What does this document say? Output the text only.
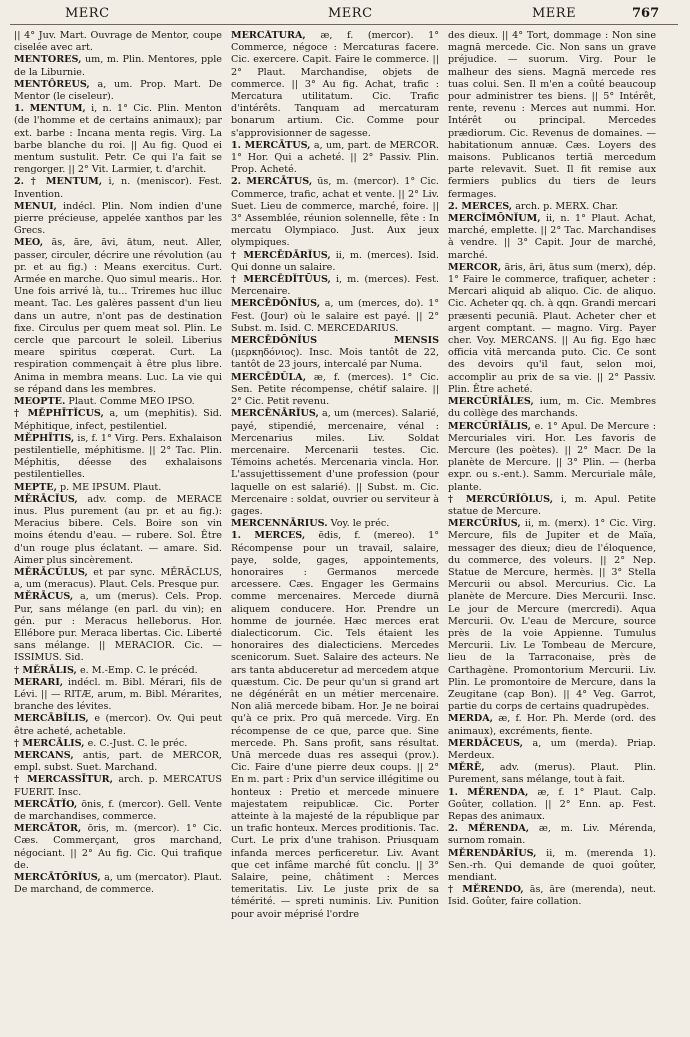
MERC	MERC	MERE	767

|| 4° Juv. Mart. Ouvrage de Mentor, coupe ciselée avec art.

MENTORES, um, m. Plin. Mentores, pple de la Liburnie.

MENTÔREUS, a, um. Prop. Mart. De Mentor (le ciseleur).

1. MENTUM, i, n. 1° Cic. Plin. Menton (de l'homme et de certains animaux); par ext. barbe : Incana menta regis. Virg. La barbe blanche du roi. || Au fig. Quod ei mentum sustulit. Petr. Ce qui l'a fait se rengorger. || 2° Vit. Larmier, t. d'archit.

2. † MENTUM, i, n. (meniscor). Fest. Invention.

MENUI, indécl. Plin. Nom indien d'une pierre précieuse, appelée xanthos par les Grecs.

MEO, ās, āre, āvi, ātum, neut. Aller, passer, circuler, décrire une révolution (au pr. et au fig.) : Means exercitus. Curt. Armée en marche. Quo simul mearis.. Hor. Une fois arrivé là, tu... Triremes huc illuc meant. Tac. Les galères passent d'un lieu dans un autre, n'ont pas de destination fixe. Circulus per quem meat sol. Plin. Le cercle que parcourt le soleil. Liberius meare spiritus cœperat. Curt. La respiration commençait à être plus libre. Anima in membra means. Luc. La vie qui se répand dans les membres.

MEOPTE. Plaut. Comme MEO IPSO.

† MĚPHĪTĬCUS, a, um (mephitis). Sid. Méphitique, infect, pestilentiel.

MĚPHĪTIS, is, f. 1° Virg. Pers. Exhalaison pestilentielle, méphitisme. || 2° Tac. Plin. Méphitis, déesse des exhalaisons pestilentielles.

MEPTE, p. ME IPSUM. Plaut.

MĚRĀCĬUS, adv. comp. de MERACE inus. Plus purement (au pr. et au fig.): Meracius bibere. Cels. Boire son vin moins étendu d'eau. — rubere. Sol. Être d'un rouge plus éclatant. — amare. Sid. Aimer plus sincèrement.

MĚRĀCŬLUS, et par sync. MĚRĀCLUS, a, um (meracus). Plaut. Cels. Presque pur.

MĚRĀCUS, a, um (merus). Cels. Prop. Pur, sans mélange (en parl. du vin); en gén. pur : Meracus helleborus. Hor. Ellébore pur. Meraca libertas. Cic. Liberté sans mélange. || MERACIOR. Cic. — ISSIMUS. Sid.

† MĚRĀLIS, e. M.-Emp. C. le précéd.

MERARI, indécl. m. Bibl. Mérari, fils de Lévi. || — RITÆ, arum, m. Bibl. Mérarites, branche des lévites.

MERCĀBĬLIS, e (mercor). Ov. Qui peut être acheté, achetable.

† MERCĀLIS, e. C.-Just. C. le préc.

MERCANS, antis, part. de MERCOR, empl. subst. Suet. Marchand.

† MERCASSĪTUR, arch. p. MERCATUS FUERIT. Insc.

MERCĀTĬO, ōnis, f. (mercor). Gell. Vente de marchandises, commerce.

MERCĀTOR, ōris, m. (mercor). 1° Cic. Cæs. Commerçant, gros marchand, négociant. || 2° Au fig. Cic. Qui trafique de.

MERCĀTŌRĬUS, a, um (mercator). Plaut. De marchand, de commerce.

MERCĀTŪRA, æ, f. (mercor). 1° Commerce, négoce : Mercaturas facere. Cic. exercere. Capit. Faire le commerce. || 2° Plaut. Marchandise, objets de commerce. || 3° Au fig. Achat, trafic : Mercatura utilitatum. Cic. Trafic d'intérêts. Tanquam ad mercaturam bonarum artium. Cic. Comme pour s'approvisionner de sagesse.

1. MERCĀTUS, a, um, part. de MERCOR. 1° Hor. Qui a acheté. || 2° Passiv. Plin. Prop. Acheté.

2. MERCĀTUS, ūs, m. (mercor). 1° Cic. Commerce, trafic, achat et vente. || 2° Liv. Suet. Lieu de commerce, marché, foire. || 3° Assemblée, réunion solennelle, fête : In mercatu Olympiaco. Just. Aux jeux olympiques.

† MERCĒDĀRĬUS, ii, m. (merces). Isid. Qui donne un salaire.

† MERCĒDĬTŪUS, i, m. (merces). Fest. Mercenaire.

MERCĒDŌNĬUS, a, um (merces, do). 1° Fest. (Jour) où le salaire est payé. || 2° Subst. m. Isid. C. MERCEDARIUS.

MERCĒDŌNĬUS MENSIS (μερκηδόνιος). Insc. Mois tantôt de 22, tantôt de 23 jours, intercalé par Numa.

MERCĒDŬLA, æ, f. (merces). 1° Cic. Sen. Petite récompense, chétif salaire. || 2° Cic. Petit revenu.

MERCĒNĀRĬUS, a, um (merces). Salarié, payé, stipendié, mercenaire, vénal : Mercenarius miles. Liv. Soldat mercenaire. Mercenarii testes. Cic. Témoins achetés. Mercenaria vincla. Hor. L'assujettissement d'une profession (pour laquelle on est salarié). || Subst. m. Cic. Mercenaire : soldat, ouvrier ou serviteur à gages.

MERCENNĀRIUS. Voy. le préc.

1. MERCES, ēdis, f. (mereo). 1° Récompense pour un travail, salaire, paye, solde, gages, appointements, honoraires : Germanos mercede arcessere. Cæs. Engager les Germains comme mercenaires. Mercede diurnā aliquem conducere. Hor. Prendre un homme de journée. Hæc merces erat dialecticorum. Cic. Tels étaient les honoraires des dialecticiens. Mercedes scenicorum. Suet. Salaire des acteurs. Ne ars tanta abduceretur ad mercedem atque quæstum. Cic. De peur qu'un si grand art ne dégénérât en un métier mercenaire. Non aliā mercede bibam. Hor. Je ne boirai qu'à ce prix. Pro quā mercede. Virg. En récompense de ce que, parce que. Sine mercede. Ph. Sans profit, sans résultat. Unā mercede duas res assequi (prov.). Cic. Faire d'une pierre deux coups. || 2° En m. part : Prix d'un service illégitime ou honteux : Pretio et mercede minuere majestatem reipublicæ. Cic. Porter atteinte à la majesté de la république par un trafic honteux. Merces proditionis. Tac. Curt. Le prix d'une trahison. Priusquam infanda merces perficeretur. Liv. Avant que cet infâme marché fût conclu. || 3° Salaire, peine, châtiment : Merces temeritatis. Liv. Le juste prix de sa témérité. — spreti numinis. Liv. Punition pour avoir méprisé l'ordre

des dieux. || 4° Tort, dommage : Non sine magnā mercede. Cic. Non sans un grave préjudice. — suorum. Virg. Pour le malheur des siens. Magnā mercede res tuas colui. Sen. Il m'en a coûté beaucoup pour administrer tes biens. || 5° Intérêt, rente, revenu : Merces aut nummi. Hor. Intérêt ou principal. Mercedes prædiorum. Cic. Revenus de domaines. — habitationum annuæ. Cæs. Loyers des maisons. Publicanos tertiā mercedum parte relevavit. Suet. Il fit remise aux fermiers publics du tiers de leurs fermages.

2. MERCES, arch. p. MERX. Char.

MERCĬMŌNĬUM, ii, n. 1° Plaut. Achat, marché, emplette. || 2° Tac. Marchandises à vendre. || 3° Capit. Jour de marché, marché.

MERCOR, āris, āri, ātus sum (merx), dép. 1° Faire le commerce, trafiquer, acheter : Mercari aliquid ab aliquo. Cic. de aliquo. Cic. Acheter qq. ch. à qqn. Grandi mercari præsenti pecuniā. Plaut. Acheter cher et argent comptant. — magno. Virg. Payer cher. Voy. MERCANS. || Au fig. Ego hæc officia vitā mercanda puto. Cic. Ce sont des devoirs qu'il faut, selon moi, accomplir au prix de sa vie. || 2° Passiv. Plin. Être acheté.

MERCŬRĬĀLES, ium, m. Cic. Membres du collège des marchands.

MERCŬRĬĀLIS, e. 1° Apul. De Mercure : Mercuriales viri. Hor. Les favoris de Mercure (les poètes). || 2° Macr. De la planète de Mercure. || 3° Plin. — (herba expr. ou s.-ent.). Samm. Mercuriale mâle, plante.

† MERCŬRĬŎLUS, i, m. Apul. Petite statue de Mercure.

MERCŬRĬUS, ii, m. (merx). 1° Cic. Virg. Mercure, fils de Jupiter et de Maïa, messager des dieux; dieu de l'éloquence, du commerce, des voleurs. || 2° Nep. Statue de Mercure, hermès. || 3° Stella Mercurii ou absol. Mercurius. Cic. La planète de Mercure. Dies Mercurii. Insc. Le jour de Mercure (mercredi). Aqua Mercurii. Ov. L'eau de Mercure, source près de la voie Appienne. Tumulus Mercurii. Liv. Le Tombeau de Mercure, lieu de la Tarraconaise, près de Carthagène. Promontorium Mercurii. Liv. Plin. Le promontoire de Mercure, dans la Zeugitane (cap Bon). || 4° Veg. Garrot, partie du corps de certains quadrupèdes.

MERDA, æ, f. Hor. Ph. Merde (ord. des animaux), excréments, fiente.

MERDĀCEUS, a, um (merda). Priap. Merdeux.

MĔRĒ, adv. (merus). Plaut. Plin. Purement, sans mélange, tout à fait.

1. MĔRENDA, æ, f. 1° Plaut. Calp. Goûter, collation. || 2° Enn. ap. Fest. Repas des animaux.

2. MĔRENDA, æ, m. Liv. Mérenda, surnom romain.

MĔRENDĀRĬUS, ii, m. (merenda 1). Sen.-rh. Qui demande de quoi goûter, mendiant.

† MĔRENDO, ās, āre (merenda), neut. Isid. Goûter, faire collation.
